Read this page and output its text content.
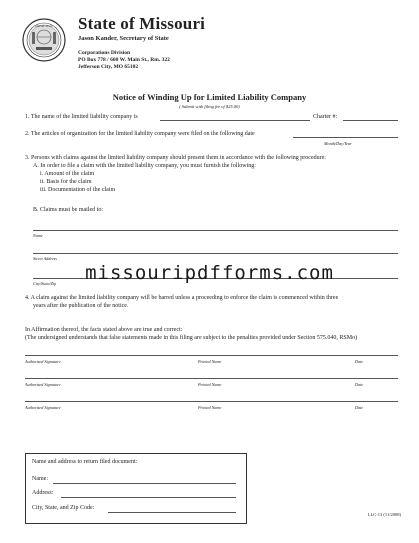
GREAT SEAL State of Missouri
Jason Kander, Secretary of State
Corporations Division
PO Box 778 / 600 W. Main St., Rm. 322
Jefferson City, MO 65102
Notice of Winding Up for Limited Liability Company
( Submit with filing fee of $25.00)
1. The name of the limited liability company is	Charter #:
2. The articles of organization for the limited liability company were filed on the following date
Month/Day/Year
3. Persons with claims against the limited liability company should present them in accordance with the following procedure:
A. In order to file a claim with the limited liability company, you must furnish the following:
i. Amount of the claim
ii. Basis for the claim
iii. Documentation of the claim
B. Claims must be mailed to:
Name
Street Address
City/State/Zip	missouripdfforms.com
4. A claim against the limited liability company will be barred unless a proceeding to enforce the claim is commenced within three
years after the publication of the notice.
In Affirmation thereof, the facts stated above are true and correct:
(The undersigned understands that false statements made in this filing are subject to the penalties provided under Section 575.040, RSMo)
Authorized Signature	Printed Name	Date
Authorized Signature	Printed Name	Date
Authorized Signature	Printed Name	Date
Name and address to return filed document:
Name:
Address:
City, State, and Zip Code:
LLC-13 (11/2008)
